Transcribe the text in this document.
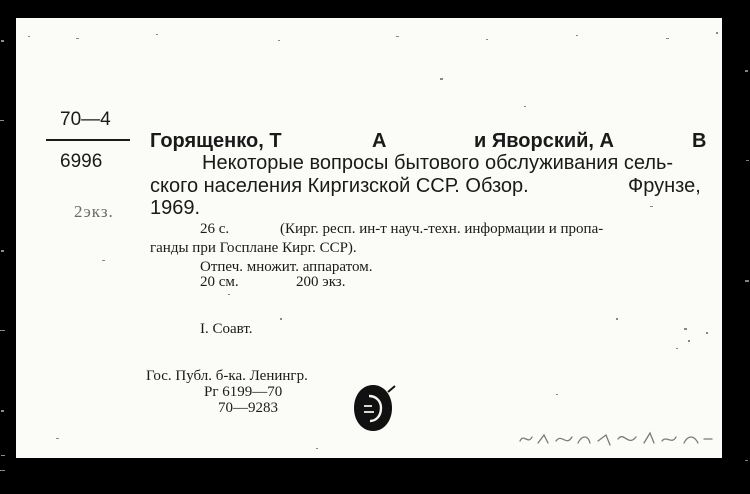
70—4
6996
2экз.
Горященко, Т	А	и Яворский, А	В
Некоторые вопросы бытового обслуживания сель-
ского населения Киргизской ССР. Обзор.	Фрунзе,
1969.
26 с.	(Кирг. респ. ин-т науч.-техн. информации и пропа-
ганды при Госплане Кирг. ССР).
Отпеч. множит. аппаратом.
20 см.	200 экз.
I. Соавт.
Гос. Публ. б-ка. Ленингр.
Рг 6199—70
70—9283
